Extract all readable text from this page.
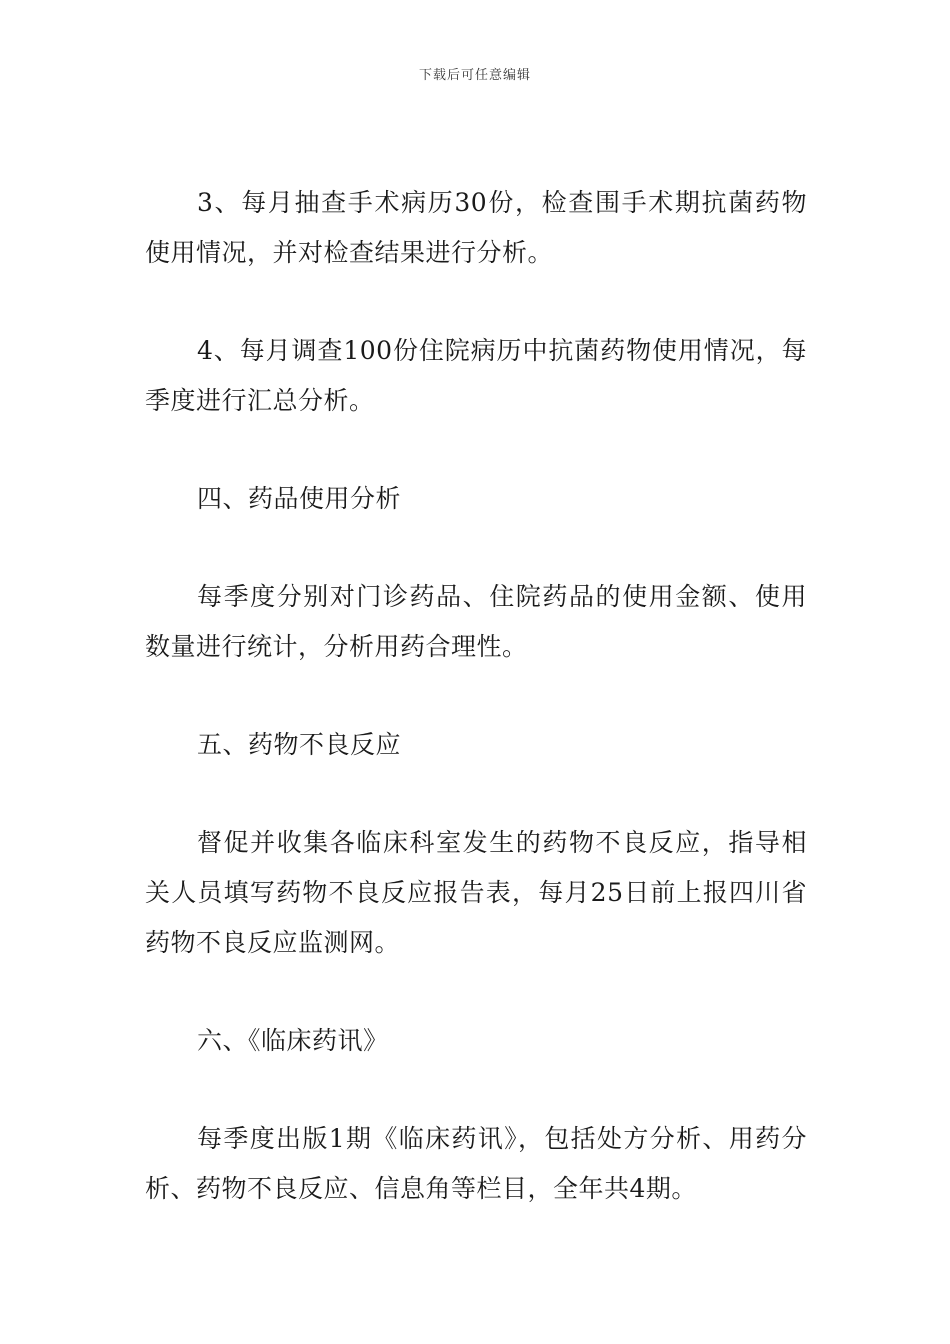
下载后可任意编辑

3、每月抽查手术病历30份，检查围手术期抗菌药物使用情况，并对检查结果进行分析。

4、每月调查100份住院病历中抗菌药物使用情况，每季度进行汇总分析。

四、药品使用分析

每季度分别对门诊药品、住院药品的使用金额、使用数量进行统计，分析用药合理性。

五、药物不良反应

督促并收集各临床科室发生的药物不良反应，指导相关人员填写药物不良反应报告表，每月25日前上报四川省药物不良反应监测网。

六、《临床药讯》

每季度出版1期《临床药讯》，包括处方分析、用药分析、药物不良反应、信息角等栏目，全年共4期。
